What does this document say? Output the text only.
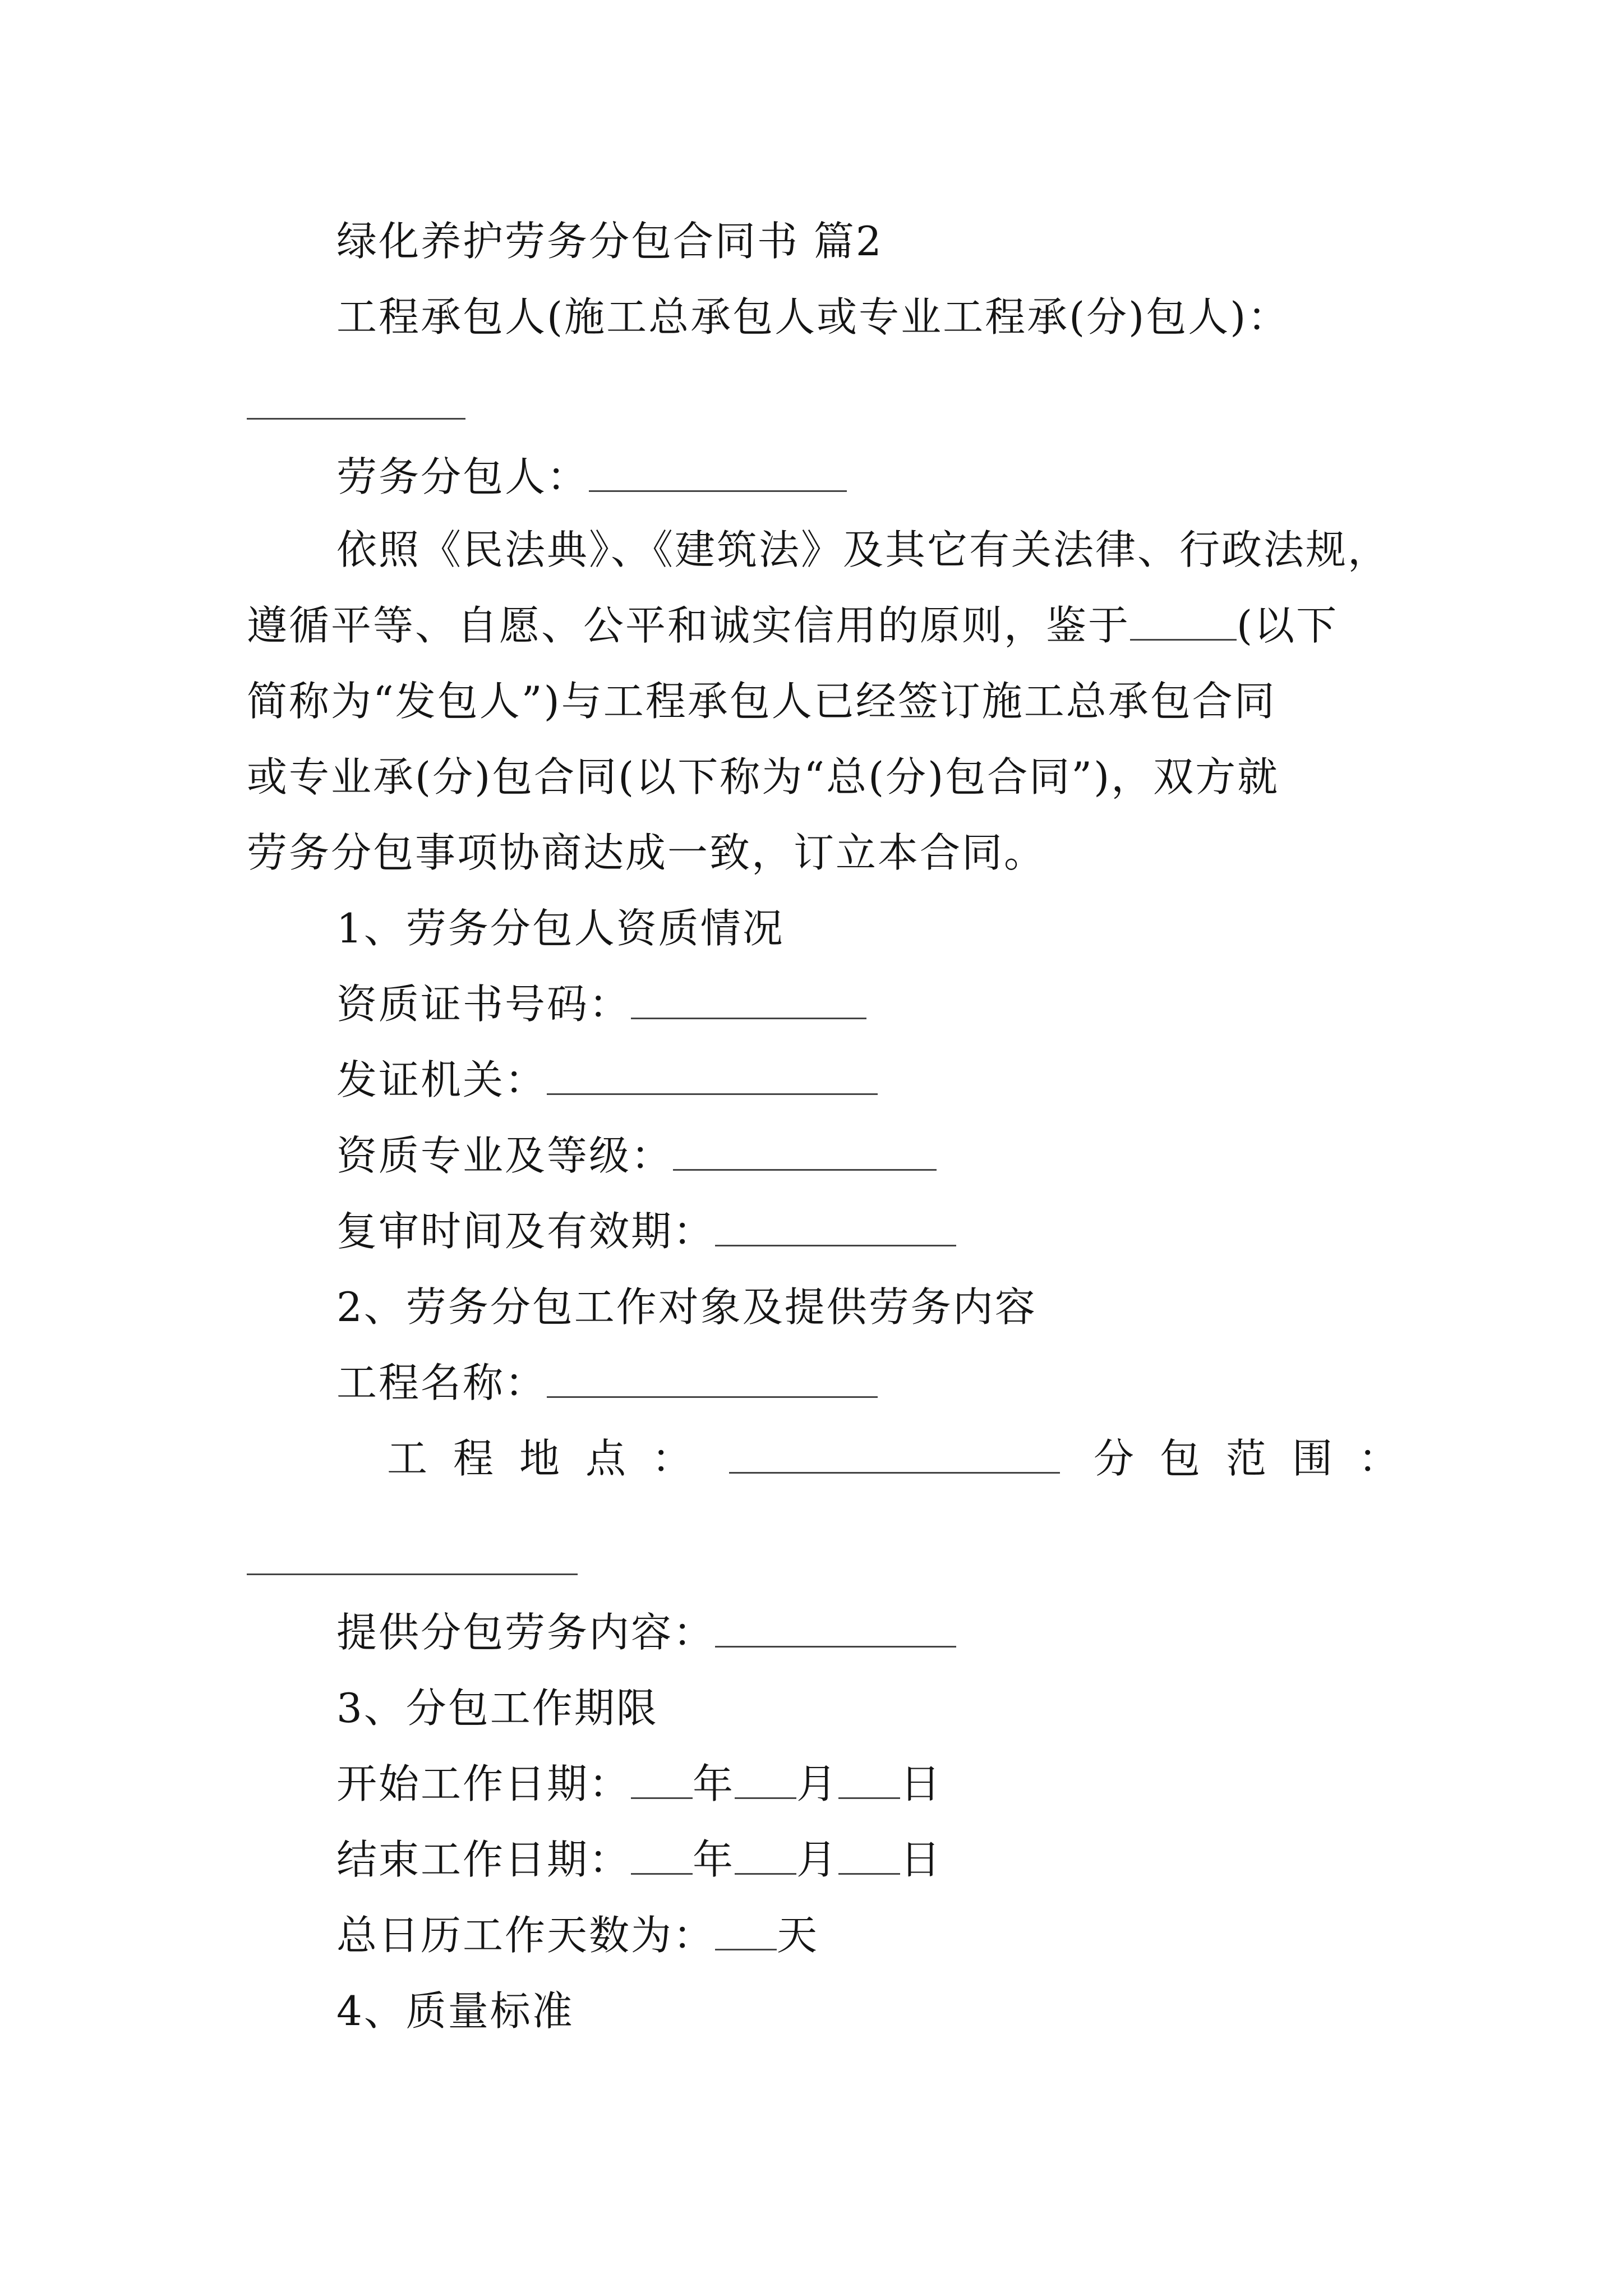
绿化养护劳务分包合同书 篇2
工程承包人(施工总承包人或专业工程承(分)包人)：
劳务分包人：
依照《民法典》、《建筑法》及其它有关法律、行政法规，
遵循平等、自愿、公平和诚实信用的原则，鉴于	(以下
简称为“发包人”)与工程承包人已经签订施工总承包合同
或专业承(分)包合同(以下称为“总(分)包合同”)，双方就
劳务分包事项协商达成一致，订立本合同。
1、劳务分包人资质情况
资质证书号码：
发证机关：
资质专业及等级：
复审时间及有效期：
2、劳务分包工作对象及提供劳务内容
工程名称：
工程地点：	分包范围：
提供分包劳务内容：
3、分包工作期限
开始工作日期： 年 月 日
结束工作日期： 年 月 日
总日历工作天数为： 天
4、质量标准
